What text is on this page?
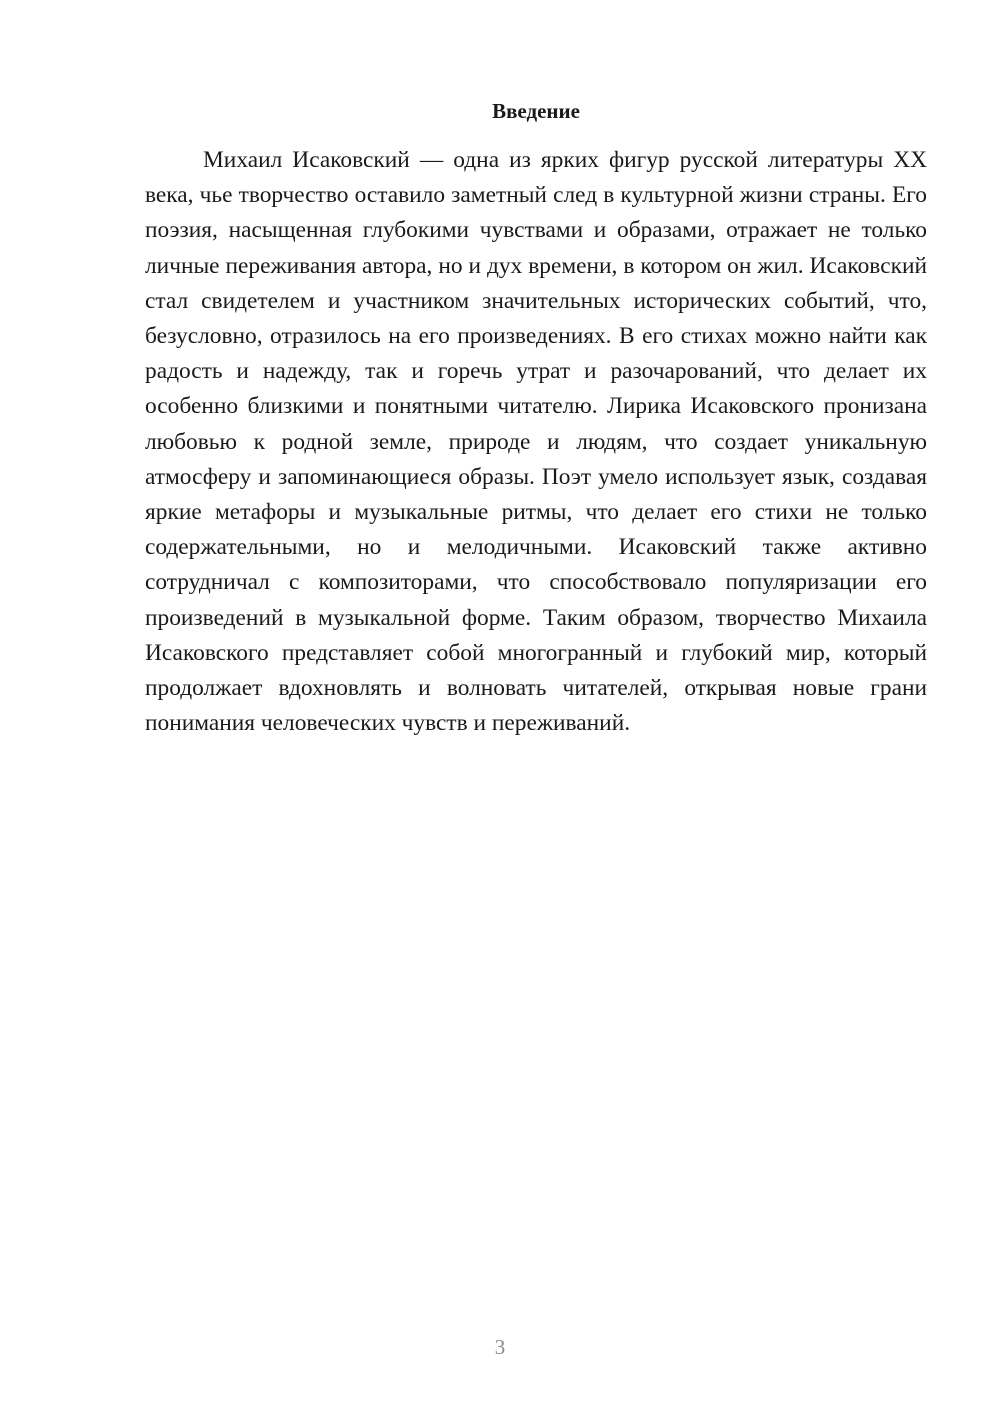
Введение

Михаил Исаковский — одна из ярких фигур русской литературы XX века, чье творчество оставило заметный след в культурной жизни страны. Его поэзия, насыщенная глубокими чувствами и образами, отражает не только личные переживания автора, но и дух времени, в котором он жил. Исаковский стал свидетелем и участником значительных исторических событий, что, безусловно, отразилось на его произведениях. В его стихах можно найти как радость и надежду, так и горечь утрат и разочарований, что делает их особенно близкими и понятными читателю. Лирика Исаковского пронизана любовью к родной земле, природе и людям, что создает уникальную атмосферу и запоминающиеся образы. Поэт умело использует язык, создавая яркие метафоры и музыкальные ритмы, что делает его стихи не только содержательными, но и мелодичными. Исаковский также активно сотрудничал с композиторами, что способствовало популяризации его произведений в музыкальной форме. Таким образом, творчество Михаила Исаковского представляет собой многогранный и глубокий мир, который продолжает вдохновлять и волновать читателей, открывая новые грани понимания человеческих чувств и переживаний.

3
